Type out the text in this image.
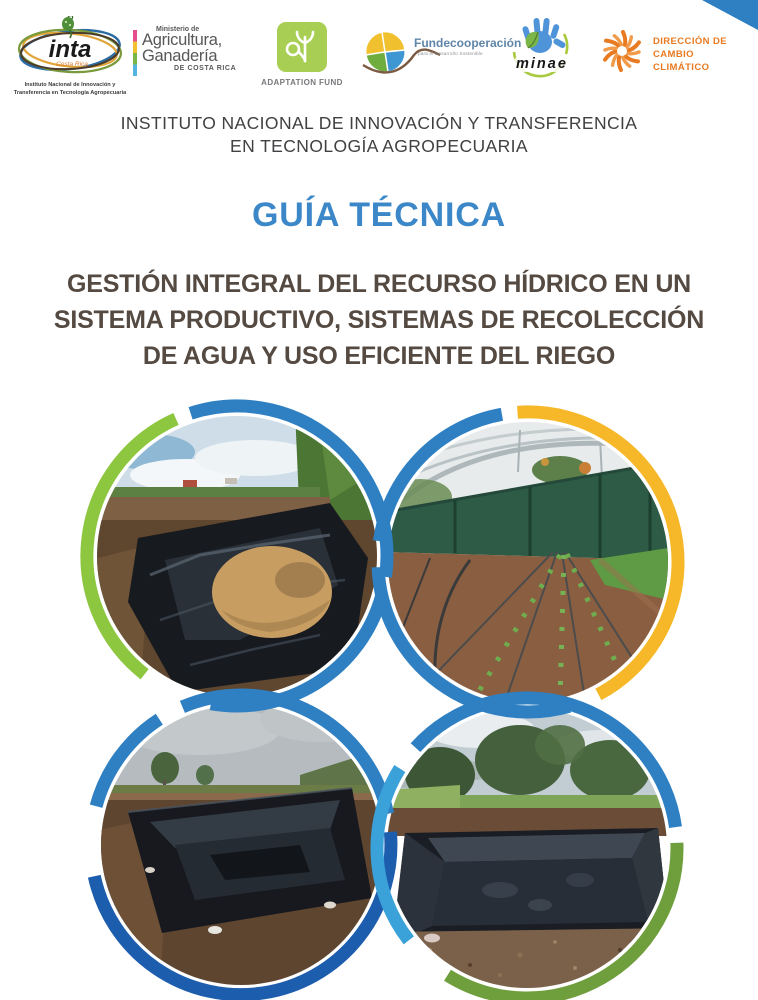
inta
Costa Rica
Instituto Nacional de Innovación y
Transferencia en Tecnología Agropecuaria
Ministerio de
Agricultura,
Ganadería
DE COSTA RICA
ADAPTATION FUND
Fundecooperación
para el Desarrollo Sostenible
minae
DIRECCIÓN DE
CAMBIO CLIMÁTICO
INSTITUTO NACIONAL DE INNOVACIÓN Y TRANSFERENCIA
EN TECNOLOGÍA AGROPECUARIA
GUÍA TÉCNICA
GESTIÓN INTEGRAL DEL RECURSO HÍDRICO EN UN
SISTEMA PRODUCTIVO, SISTEMAS DE RECOLECCIÓN
DE AGUA Y USO EFICIENTE DEL RIEGO
